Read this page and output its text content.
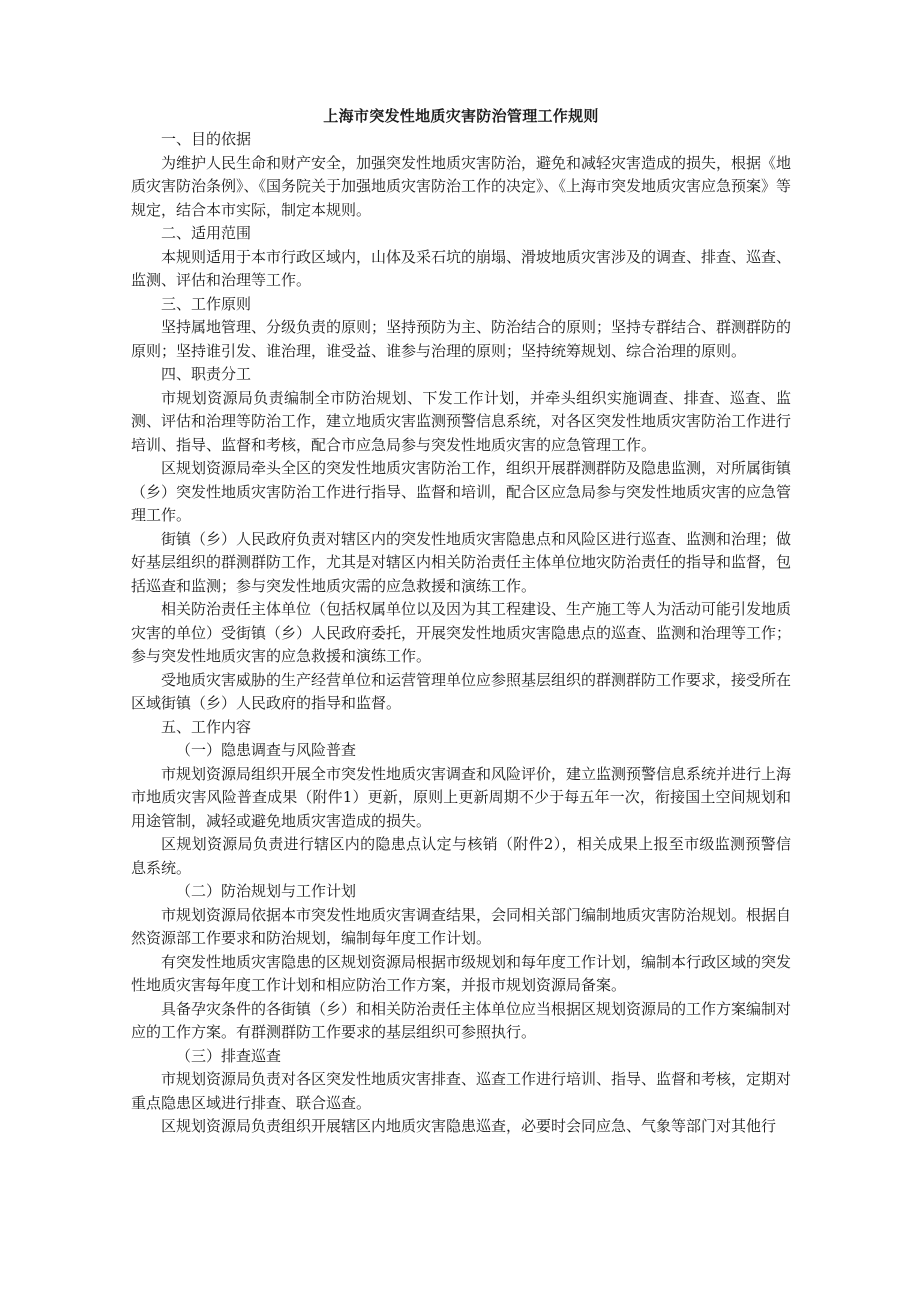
上海市突发性地质灾害防治管理工作规则

一、目的依据

为维护人民生命和财产安全，加强突发性地质灾害防治，避免和减轻灾害造成的损失，根据《地质灾害防治条例》、《国务院关于加强地质灾害防治工作的决定》、《上海市突发地质灾害应急预案》等规定，结合本市实际，制定本规则。

二、适用范围

本规则适用于本市行政区域内，山体及采石坑的崩塌、滑坡地质灾害涉及的调查、排查、巡查、监测、评估和治理等工作。

三、工作原则

坚持属地管理、分级负责的原则；坚持预防为主、防治结合的原则；坚持专群结合、群测群防的原则；坚持谁引发、谁治理，谁受益、谁参与治理的原则；坚持统筹规划、综合治理的原则。

四、职责分工

市规划资源局负责编制全市防治规划、下发工作计划，并牵头组织实施调查、排查、巡查、监测、评估和治理等防治工作，建立地质灾害监测预警信息系统，对各区突发性地质灾害防治工作进行培训、指导、监督和考核，配合市应急局参与突发性地质灾害的应急管理工作。

区规划资源局牵头全区的突发性地质灾害防治工作，组织开展群测群防及隐患监测，对所属街镇（乡）突发性地质灾害防治工作进行指导、监督和培训，配合区应急局参与突发性地质灾害的应急管理工作。

街镇（乡）人民政府负责对辖区内的突发性地质灾害隐患点和风险区进行巡查、监测和治理；做好基层组织的群测群防工作，尤其是对辖区内相关防治责任主体单位地灾防治责任的指导和监督，包括巡查和监测；参与突发性地质灾需的应急救援和演练工作。

相关防治责任主体单位（包括权属单位以及因为其工程建设、生产施工等人为活动可能引发地质灾害的单位）受街镇（乡）人民政府委托，开展突发性地质灾害隐患点的巡查、监测和治理等工作；参与突发性地质灾害的应急救援和演练工作。

受地质灾害威胁的生产经营单位和运营管理单位应参照基层组织的群测群防工作要求，接受所在区域街镇（乡）人民政府的指导和监督。

五、工作内容

（一）隐患调查与风险普查

市规划资源局组织开展全市突发性地质灾害调查和风险评价，建立监测预警信息系统并进行上海市地质灾害风险普查成果（附件1）更新，原则上更新周期不少于每五年一次，衔接国土空间规划和用途管制，减轻或避免地质灾害造成的损失。

区规划资源局负责进行辖区内的隐患点认定与核销（附件2），相关成果上报至市级监测预警信息系统。

（二）防治规划与工作计划

市规划资源局依据本市突发性地质灾害调查结果，会同相关部门编制地质灾害防治规划。根据自然资源部工作要求和防治规划，编制每年度工作计划。

有突发性地质灾害隐患的区规划资源局根据市级规划和每年度工作计划，编制本行政区域的突发性地质灾害每年度工作计划和相应防治工作方案，并报市规划资源局备案。

具备孕灾条件的各街镇（乡）和相关防治责任主体单位应当根据区规划资源局的工作方案编制对应的工作方案。有群测群防工作要求的基层组织可参照执行。

（三）排查巡查

市规划资源局负责对各区突发性地质灾害排查、巡查工作进行培训、指导、监督和考核，定期对重点隐患区域进行排查、联合巡查。

区规划资源局负责组织开展辖区内地质灾害隐患巡查，必要时会同应急、气象等部门对其他行
